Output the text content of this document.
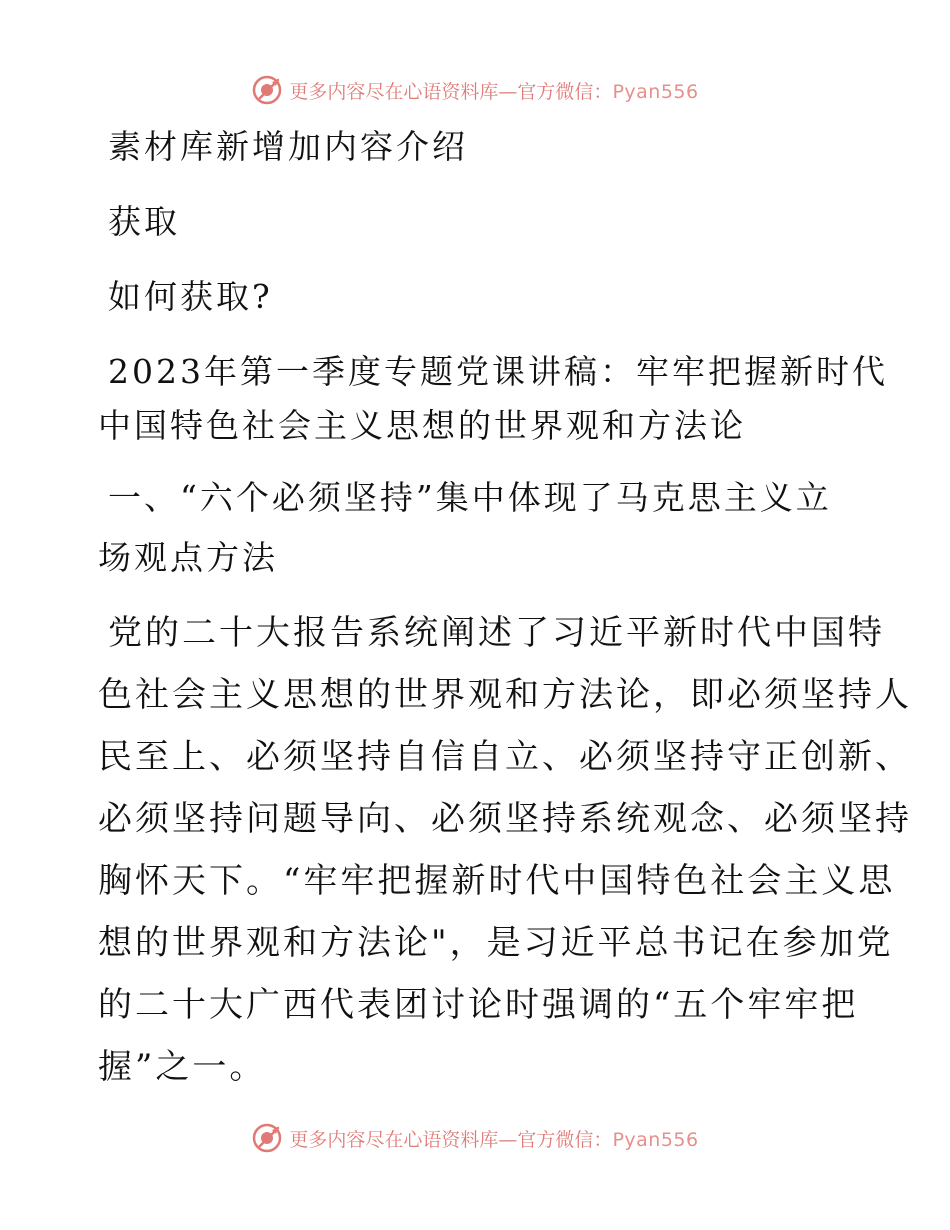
更多内容尽在心语资料库—官方微信：Pyan556

素材库新增加内容介绍

获取

如何获取?

2023年第一季度专题党课讲稿：牢牢把握新时代

中国特色社会主义思想的世界观和方法论

一、“六个必须坚持”集中体现了马克思主义立

场观点方法

党的二十大报告系统阐述了习近平新时代中国特

色社会主义思想的世界观和方法论，即必须坚持人

民至上、必须坚持自信自立、必须坚持守正创新、

必须坚持问题导向、必须坚持系统观念、必须坚持

胸怀天下。“牢牢把握新时代中国特色社会主义思

想的世界观和方法论"，是习近平总书记在参加党

的二十大广西代表团讨论时强调的“五个牢牢把

握”之一。

更多内容尽在心语资料库—官方微信：Pyan556
